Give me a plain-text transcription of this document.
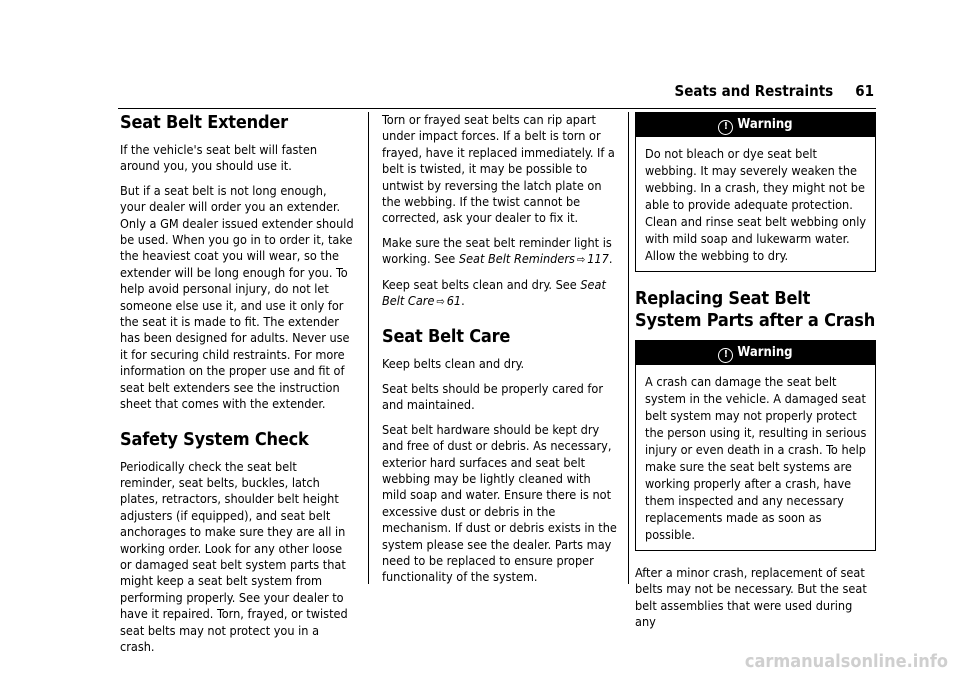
Seats and Restraints 61
Seat Belt Extender

If the vehicle's seat belt will fasten around you, you should use it.

But if a seat belt is not long enough, your dealer will order you an extender. Only a GM dealer issued extender should be used. When you go in to order it, take the heaviest coat you will wear, so the extender will be long enough for you. To help avoid personal injury, do not let someone else use it, and use it only for the seat it is made to fit. The extender has been designed for adults. Never use it for securing child restraints. For more information on the proper use and fit of seat belt extenders see the instruction sheet that comes with the extender.

Safety System Check

Periodically check the seat belt reminder, seat belts, buckles, latch plates, retractors, shoulder belt height adjusters (if equipped), and seat belt anchorages to make sure they are all in working order. Look for any other loose or damaged seat belt system parts that might keep a seat belt system from performing properly. See your dealer to have it repaired. Torn, frayed, or twisted seat belts may not protect you in a crash.

Torn or frayed seat belts can rip apart under impact forces. If a belt is torn or frayed, have it replaced immediately. If a belt is twisted, it may be possible to untwist by reversing the latch plate on the webbing. If the twist cannot be corrected, ask your dealer to fix it.

Make sure the seat belt reminder light is working. See Seat Belt Reminders ⇨ 117.

Keep seat belts clean and dry. See Seat Belt Care ⇨ 61.

Seat Belt Care

Keep belts clean and dry.

Seat belts should be properly cared for and maintained.

Seat belt hardware should be kept dry and free of dust or debris. As necessary, exterior hard surfaces and seat belt webbing may be lightly cleaned with mild soap and water. Ensure there is not excessive dust or debris in the mechanism. If dust or debris exists in the system please see the dealer. Parts may need to be replaced to ensure proper functionality of the system.

! Warning
Do not bleach or dye seat belt webbing. It may severely weaken the webbing. In a crash, they might not be able to provide adequate protection. Clean and rinse seat belt webbing only with mild soap and lukewarm water. Allow the webbing to dry.
Replacing Seat Belt System Parts after a Crash
! Warning
A crash can damage the seat belt system in the vehicle. A damaged seat belt system may not properly protect the person using it, resulting in serious injury or even death in a crash. To help make sure the seat belt systems are working properly after a crash, have them inspected and any necessary replacements made as soon as possible.

After a minor crash, replacement of seat belts may not be necessary. But the seat belt assemblies that were used during any

carmanualsonline.info
